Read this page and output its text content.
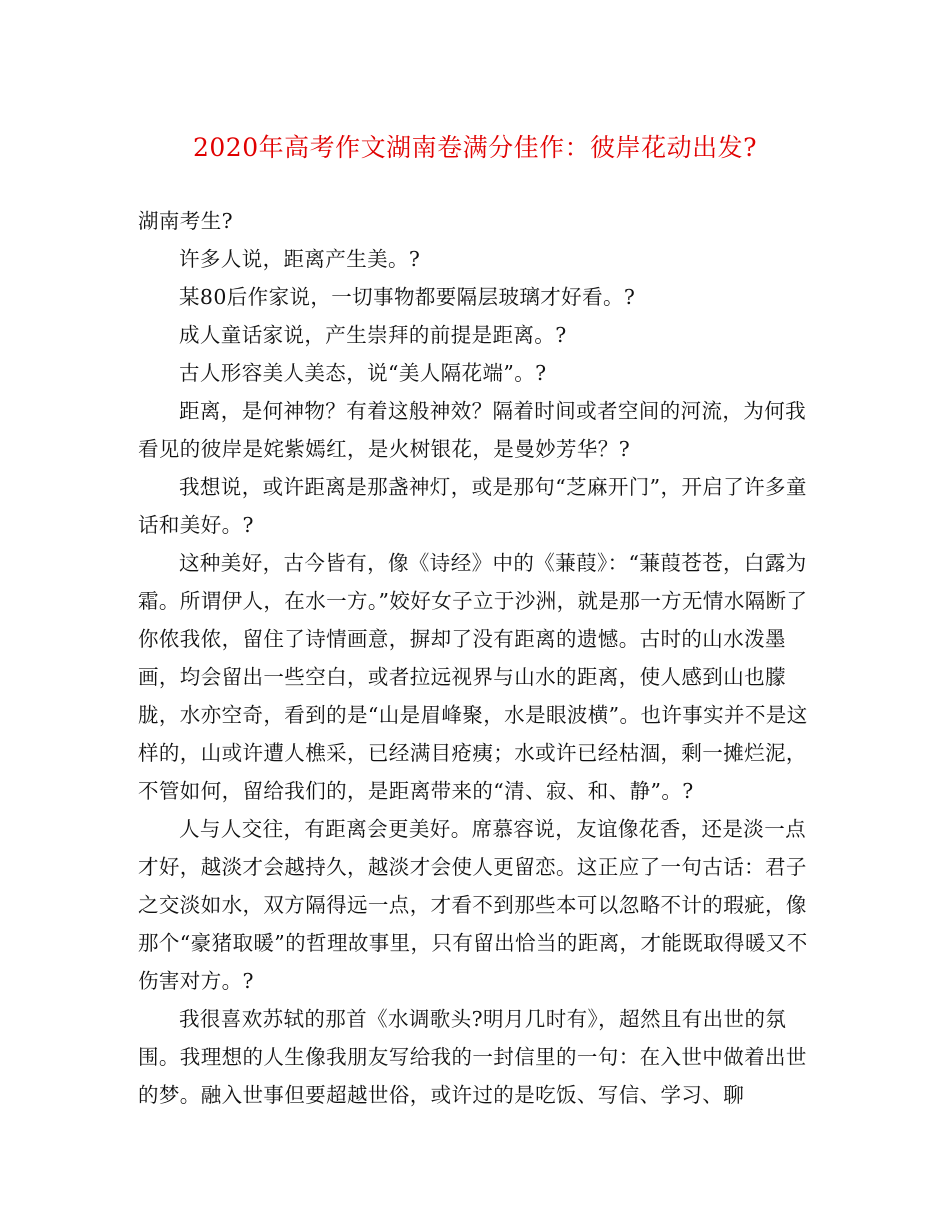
2020年高考作文湖南卷满分佳作：彼岸花动出发?

湖南考生?

许多人说，距离产生美。?

某80后作家说，一切事物都要隔层玻璃才好看。?

成人童话家说，产生崇拜的前提是距离。?

古人形容美人美态，说“美人隔花端”。?

距离，是何神物？有着这般神效？隔着时间或者空间的河流，为何我看见的彼岸是姹紫嫣红，是火树银花，是曼妙芳华？?

我想说，或许距离是那盏神灯，或是那句“芝麻开门”，开启了许多童话和美好。?

这种美好，古今皆有，像《诗经》中的《蒹葭》：“蒹葭苍苍，白露为霜。所谓伊人，在水一方。”姣好女子立于沙洲，就是那一方无情水隔断了你侬我侬，留住了诗情画意，摒却了没有距离的遗憾。古时的山水泼墨画，均会留出一些空白，或者拉远视界与山水的距离，使人感到山也朦胧，水亦空奇，看到的是“山是眉峰聚，水是眼波横”。也许事实并不是这样的，山或许遭人樵采，已经满目疮痍；水或许已经枯涸，剩一摊烂泥，不管如何，留给我们的，是距离带来的“清、寂、和、静”。?

人与人交往，有距离会更美好。席慕容说，友谊像花香，还是淡一点才好，越淡才会越持久，越淡才会使人更留恋。这正应了一句古话：君子之交淡如水，双方隔得远一点，才看不到那些本可以忽略不计的瑕疵，像那个“豪猪取暖”的哲理故事里，只有留出恰当的距离，才能既取得暖又不伤害对方。?

我很喜欢苏轼的那首《水调歌头?明月几时有》，超然且有出世的氛围。我理想的人生像我朋友写给我的一封信里的一句：在入世中做着出世的梦。融入世事但要超越世俗，或许过的是吃饭、写信、学习、聊
